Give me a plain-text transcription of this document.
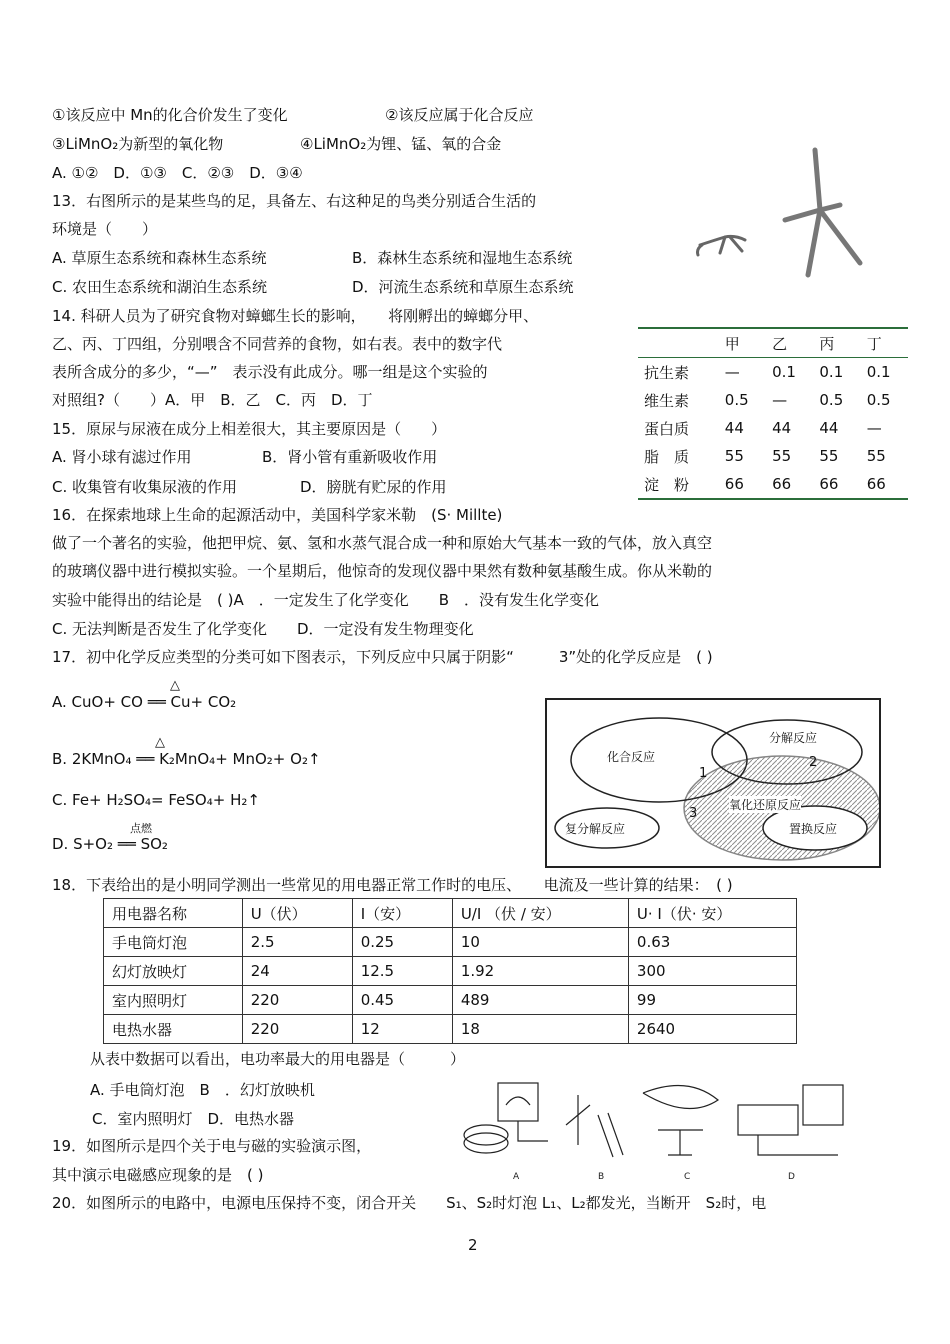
①该反应中 Mn的化合价发生了变化	②该反应属于化合反应
③LiMnO₂为新型的氧化物	④LiMnO₂为锂、锰、氧的合金
A. ①②　D．①③　C．②③　D．③④
13．右图所示的是某些鸟的足，具备左、右这种足的鸟类分别适合生活的
环境是（　　）
A. 草原生态系统和森林生态系统	B．森林生态系统和湿地生态系统
C. 农田生态系统和湖泊生态系统	D．河流生态系统和草原生态系统
14. 科研人员为了研究食物对蟑螂生长的影响，　　将刚孵出的蟑螂分甲、
乙、丙、丁四组，分别喂含不同营养的食物，如右表。表中的数字代
表所含成分的多少，“—”　表示没有此成分。哪一组是这个实验的
对照组?（　　）A．甲　B．乙　C．丙　D．丁
15．原尿与尿液在成分上相差很大，其主要原因是（　　）
A. 肾小球有滤过作用	B．肾小管有重新吸收作用
C. 收集管有收集尿液的作用	D．膀胱有贮尿的作用
16．在探索地球上生命的起源活动中，美国科学家米勒　(S· Millte)
做了一个著名的实验，他把甲烷、氨、氢和水蒸气混合成一种和原始大气基本一致的气体，放入真空
的玻璃仪器中进行模拟实验。一个星期后，他惊奇的发现仪器中果然有数种氨基酸生成。你从米勒的
实验中能得出的结论是　( )A　．一定发生了化学变化　　B　．没有发生化学变化
C. 无法判断是否发生了化学变化　　D．一定没有发生物理变化
17．初中化学反应类型的分类可如下图表示，下列反应中只属于阴影“　　　3”处的化学反应是　( )
A. CuO+ CO ══ Cu+ CO₂
△
B. 2KMnO₄ ══ K₂MnO₄+ MnO₂+ O₂↑
△
C. Fe+ H₂SO₄= FeSO₄+ H₂↑
D. S+O₂ ══ SO₂
点燃
	甲	乙	丙	丁
抗生素	—	0.1	0.1	0.1
维生素	0.5	—	0.5	0.5
蛋白质	44	44	44	—
脂　质	55	55	55	55
淀　粉	66	66	66	66
化合反应
分解反应
氧化还原反应
复分解反应	置换反应
1
2
3
18．下表给出的是小明同学测出一些常见的用电器正常工作时的电压、　　电流及一些计算的结果：　( )
用电器名称	U（伏）	I（安）	U/I （伏 / 安）	U· I（伏· 安）
手电筒灯泡	2.5	0.25	10	0.63
幻灯放映灯	24	12.5	1.92	300
室内照明灯	220	0.45	489	99
电热水器	220	12	18	2640
从表中数据可以看出，电功率最大的用电器是（　　　）
A. 手电筒灯泡　B　．幻灯放映机
C．室内照明灯　D．电热水器
19．如图所示是四个关于电与磁的实验演示图，
其中演示电磁感应现象的是　( )	A	B	C	D
20．如图所示的电路中，电源电压保持不变，闭合开关　　S₁、S₂时灯泡 L₁、L₂都发光，当断开　S₂时，电
2
